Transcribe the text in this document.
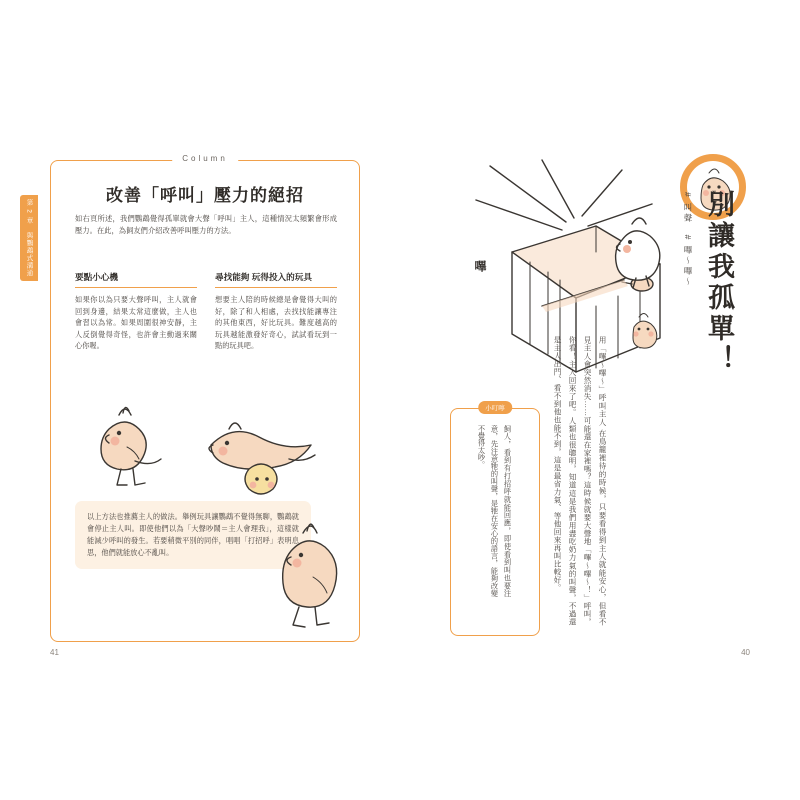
第 2 章　與鸚鵡式溝通
Column
改善「呼叫」壓力的絕招
如右頁所述，我們鸚鵡覺得孤單就會大聲「呼叫」主人，這種情況太頻繁會形成壓力。在此，為飼友們介紹改善呼叫壓力的方法。
要點小心機
如果你以為只要大聲呼叫，主人就會回到身邊，結果太常這麼做，主人也會習以為常。如果周圍很神安靜，主人反倒覺得奇怪，也許會主動過來關心你喔。
尋找能夠 玩得投入的玩具
想要主人陪的時候總是會覺得大叫的好，除了和人相處，去找找能讓專注的其他東西，好比玩具。難度越高的玩具越能激發好奇心，試試看玩到一點的玩具吧。
以上方法也推薦主人的做法。舉例玩具讓鸚鵡不覺得無聊，鸚鵡就會停止主人叫。即使他們以為「大聲吵鬧＝主人會理我」，這樣就能減少呼叫的發生。若要稍微平別的同伴，唱唱「打招呼」表明息思，他們就能放心不亂叫。
41
嗶	# 叫聲　# 嗶〜嗶〜 別讓我孤單！
用「嗶〜嗶〜」呼叫主人 在鳥籠裡待的時候，只要看得到主人就能安心，但看不見主人會突然消失……可能還在家裡嗎？這時候就要大聲地「嗶〜嗶〜！」呼叫，你看！主人回來了吧。人類也很聰明，知道這是我們用盡吃奶力氣的叫聲，不過還是主人出門、看不到他也能不到，這是最省力氣、等他回來再叫比較好。
小叮嚀
飼人，看到有打招呼就能回應，即使看到叫也要注意，先注意牠的叫聲，是牠在安心的語言，能夠改變不覺得太吵。
40
